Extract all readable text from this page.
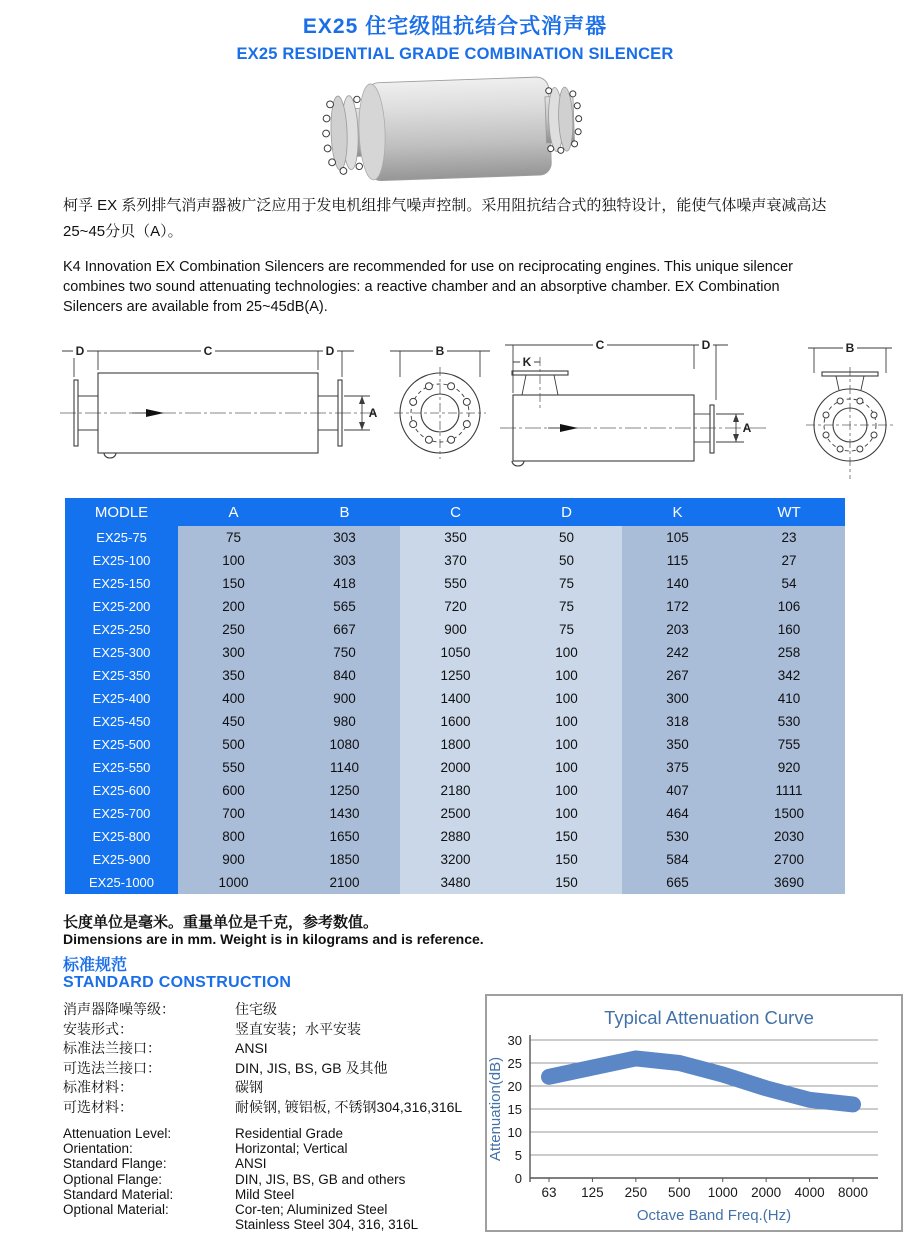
EX25 住宅级阻抗结合式消声器
EX25 RESIDENTIAL GRADE COMBINATION SILENCER

柯孚 EX 系列排气消声器被广泛应用于发电机组排气噪声控制。采用阻抗结合式的独特设计，能使气体噪声衰减高达25~45分贝（A）。

K4 Innovation EX Combination Silencers are recommended for use on reciprocating engines. This unique silencer combines two sound attenuating technologies: a reactive chamber and an absorptive chamber. EX Combination Silencers are available from 25~45dB(A).

D	C	D
A
B
K
C	D
A
B
MODLE	A	B	C	D	K	WT
EX25-75	75	303	350	50	105	23
EX25-100	100	303	370	50	115	27
EX25-150	150	418	550	75	140	54
EX25-200	200	565	720	75	172	106
EX25-250	250	667	900	75	203	160
EX25-300	300	750	1050	100	242	258
EX25-350	350	840	1250	100	267	342
EX25-400	400	900	1400	100	300	410
EX25-450	450	980	1600	100	318	530
EX25-500	500	1080	1800	100	350	755
EX25-550	550	1140	2000	100	375	920
EX25-600	600	1250	2180	100	407	1111
EX25-700	700	1430	2500	100	464	1500
EX25-800	800	1650	2880	150	530	2030
EX25-900	900	1850	3200	150	584	2700
EX25-1000	1000	2100	3480	150	665	3690
长度单位是毫米。重量单位是千克，参考数值。
Dimensions are in mm. Weight is in kilograms and is reference.
标准规范
STANDARD CONSTRUCTION
消声器降噪等级：	住宅级
安装形式：	竖直安装；水平安装
标准法兰接口：	ANSI
可选法兰接口：	DIN, JIS, BS, GB 及其他
标准材料：	碳钢
可选材料：	耐候钢, 镀铝板, 不锈钢304,316,316L
Attenuation Level:	Residential Grade
Orientation:	Horizontal; Vertical
Standard Flange:	ANSI
Optional Flange:	DIN, JIS, BS, GB and others
Standard Material:	Mild Steel
Optional Material:	Cor-ten; Aluminized Steel
Stainless Steel 304, 316, 316L
0
5
10
15
20
25
30
63 125 250 500 1000 2000 4000 8000
Typical Attenuation Curve
Octave Band Freq.(Hz)
Attenuation(dB)
